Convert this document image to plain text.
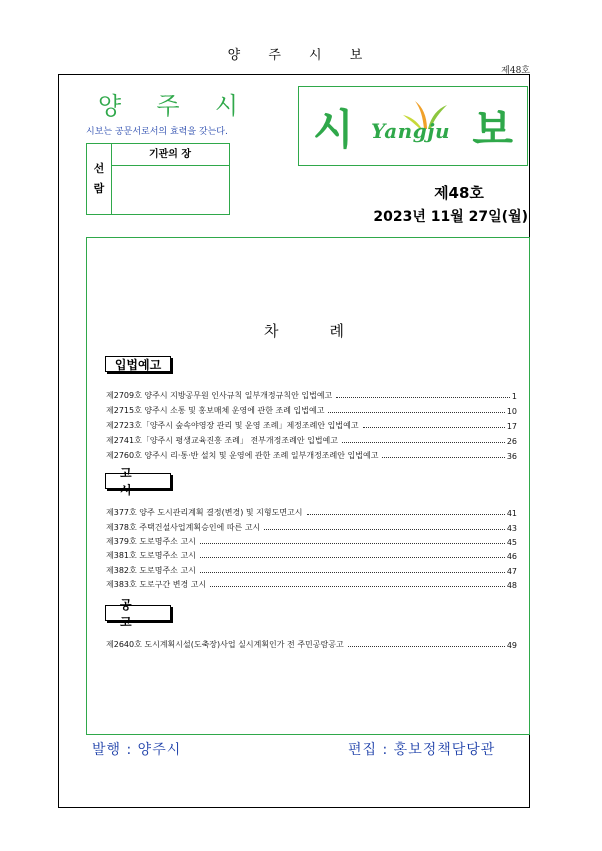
양 주 시 보
제48호
양 주 시
시보는 공문서로서의 효력을 갖는다.
선
람
기관의 장
시 Yangju 보
제48호
2023년 11월 27일(월)
차	례
입법예고
제2709호 양주시 지방공무원 인사규칙 일부개정규칙안 입법예고	1
제2715호 양주시 소통 및 홍보매체 운영에 관한 조례 입법예고	10
제2723호「양주시 숲속야영장 관리 및 운영 조례」제정조례안 입법예고	17
제2741호「양주시 평생교육진흥 조례」 전부개정조례안 입법예고	26
제2760호 양주시 리·통·반 설치 및 운영에 관한 조례 일부개정조례안 입법예고	36
고 시
제377호 양주 도시관리계획 결정(변경) 및 지형도면고시	41
제378호 주택건설사업계획승인에 따른 고시	43
제379호 도로명주소 고시	45
제381호 도로명주소 고시	46
제382호 도로명주소 고시	47
제383호 도로구간 변경 고시	48
공 고
제2640호 도시계획시설(도축장)사업 실시계획인가 전 주민공람공고	49
발행 : 양주시	편집 : 홍보정책담당관
